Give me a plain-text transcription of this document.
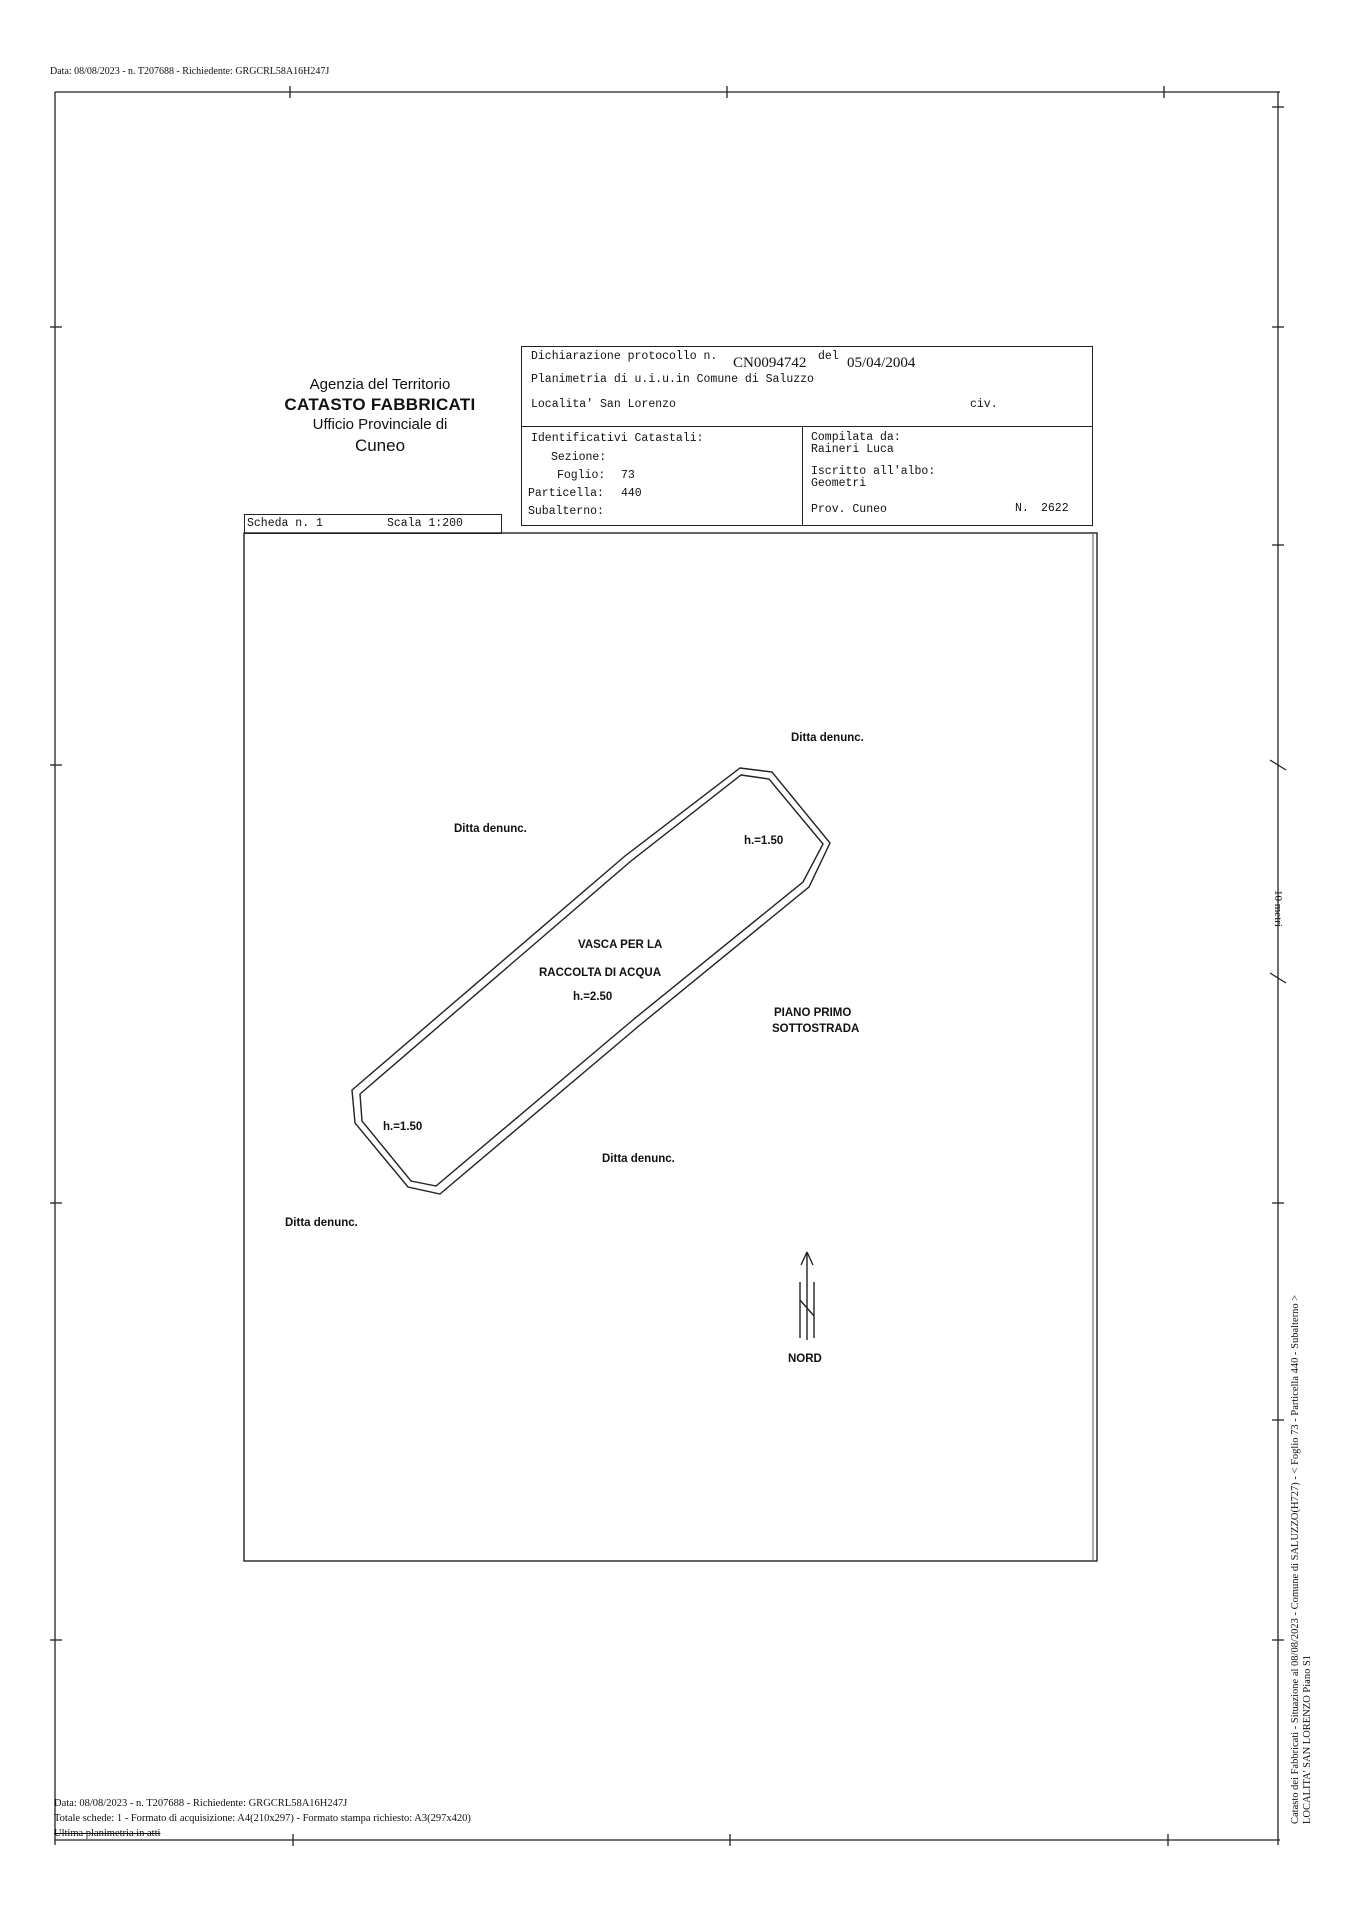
Data: 08/08/2023 - n. T207688 - Richiedente: GRGCRL58A16H247J
Agenzia del Territorio
CATASTO FABBRICATI
Ufficio Provinciale di
Cuneo
Dichiarazione protocollo n. CN0094742 del 05/04/2004
Planimetria di u.i.u.in Comune di Saluzzo
Localita' San Lorenzo	civ.
Identificativi Catastali:
Sezione:
Foglio: 73
Particella: 440
Subalterno:
Compilata da:
Raineri Luca
Iscritto all'albo:
Geometri
Prov. Cuneo	N. 2622
Scheda n. 1	Scala 1:200
Ditta denunc.
Ditta denunc.
h.=1.50
VASCA PER LA
RACCOLTA DI ACQUA
h.=2.50
PIANO PRIMO
SOTTOSTRADA
h.=1.50
Ditta denunc.
Ditta denunc.
NORD
10 metri
Catasto dei Fabbricati - Situazione al 08/08/2023 - Comune di SALUZZO(H727) - < Foglio 73 - Particella 440 - Subalterno > LOCALITA' SAN LORENZO Piano S1
Data: 08/08/2023 - n. T207688 - Richiedente: GRGCRL58A16H247J
Totale schede: 1 - Formato di acquisizione: A4(210x297) - Formato stampa richiesto: A3(297x420)
Ultima planimetria in atti
